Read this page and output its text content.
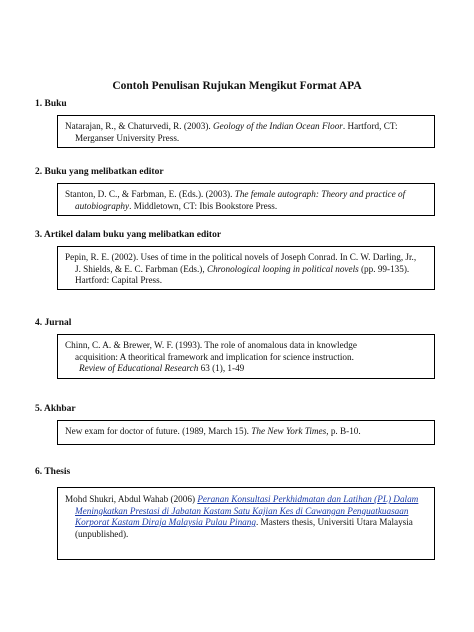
Contoh Penulisan Rujukan Mengikut Format APA
1. Buku
Natarajan, R., & Chaturvedi, R. (2003). Geology of the Indian Ocean Floor. Hartford, CT:
Merganser University Press.
2. Buku yang melibatkan editor
Stanton, D. C., & Farbman, E. (Eds.). (2003). The female autograph: Theory and practice of
autobiography. Middletown, CT: Ibis Bookstore Press.
3. Artikel dalam buku yang melibatkan editor
Pepin, R. E. (2002). Uses of time in the political novels of Joseph Conrad. In C. W. Darling, Jr.,
J. Shields, & E. C. Farbman (Eds.), Chronological looping in political novels (pp. 99-135).
Hartford: Capital Press.
4. Jurnal
Chinn, C. A. & Brewer, W. F. (1993). The role of anomalous data in knowledge
acquisition: A theoritical framework and implication for science instruction.
Review of Educational Research 63 (1), 1-49
5. Akhbar
New exam for doctor of future. (1989, March 15). The New York Times, p. B-10.
6. Thesis
Mohd Shukri, Abdul Wahab (2006) Peranan Konsultasi Perkhidmatan dan Latihan (PL) Dalam
Meningkatkan Prestasi di Jabatan Kastam Satu Kajian Kes di Cawangan Penguatkuasaan
Korporat Kastam Diraja Malaysia Pulau Pinang. Masters thesis, Universiti Utara Malaysia
(unpublished).
